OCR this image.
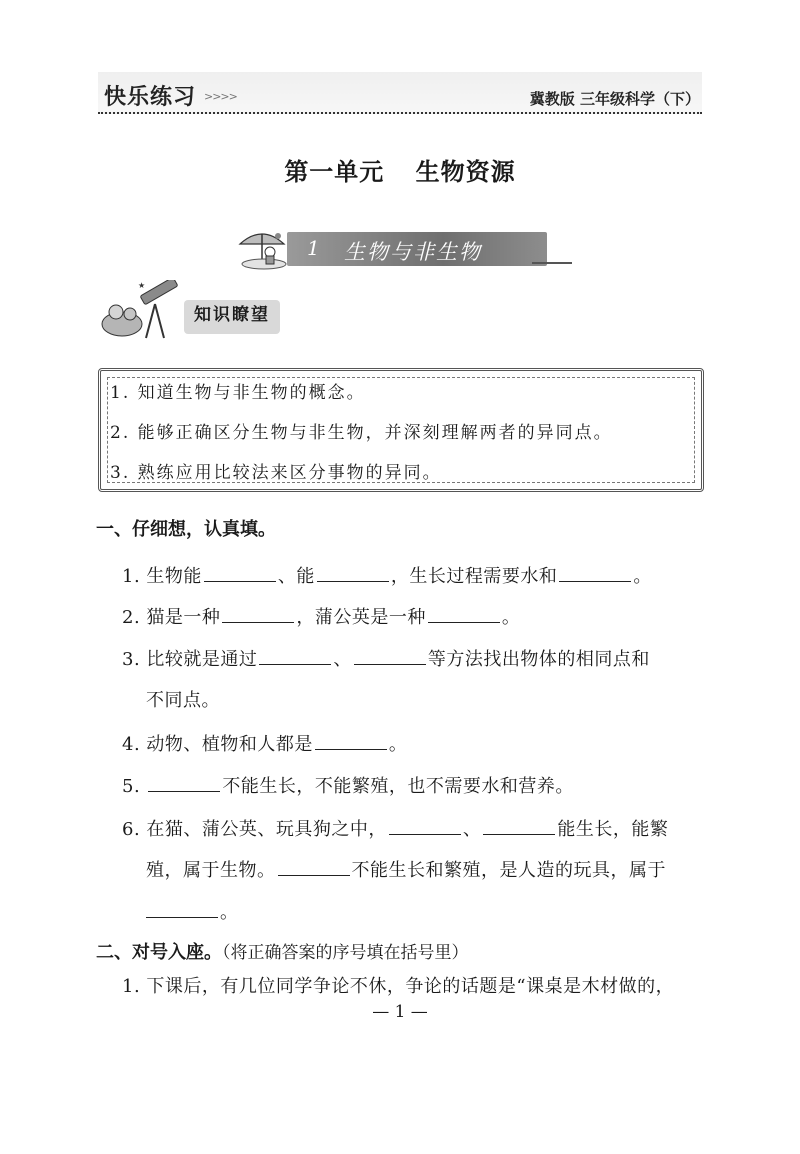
快乐练习 >>>>	冀教版 三年级科学（下）
第一单元 生物资源
1 生物与非生物
★
知识瞭望
1. 知道生物与非生物的概念。
2. 能够正确区分生物与非生物，并深刻理解两者的异同点。
3. 熟练应用比较法来区分事物的异同。
一、仔细想，认真填。
1. 生物能	、能	，生长过程需要水和	。
2. 猫是一种	，蒲公英是一种	。
3. 比较就是通过	、	等方法找出物体的相同点和
不同点。
4. 动物、植物和人都是	。
5.	不能生长，不能繁殖，也不需要水和营养。
6. 在猫、蒲公英、玩具狗之中，	、	能生长，能繁
殖，属于生物。	不能生长和繁殖，是人造的玩具，属于
。
二、对号入座。（将正确答案的序号填在括号里）
1. 下课后，有几位同学争论不休，争论的话题是“课桌是木材做的，
— 1 —
